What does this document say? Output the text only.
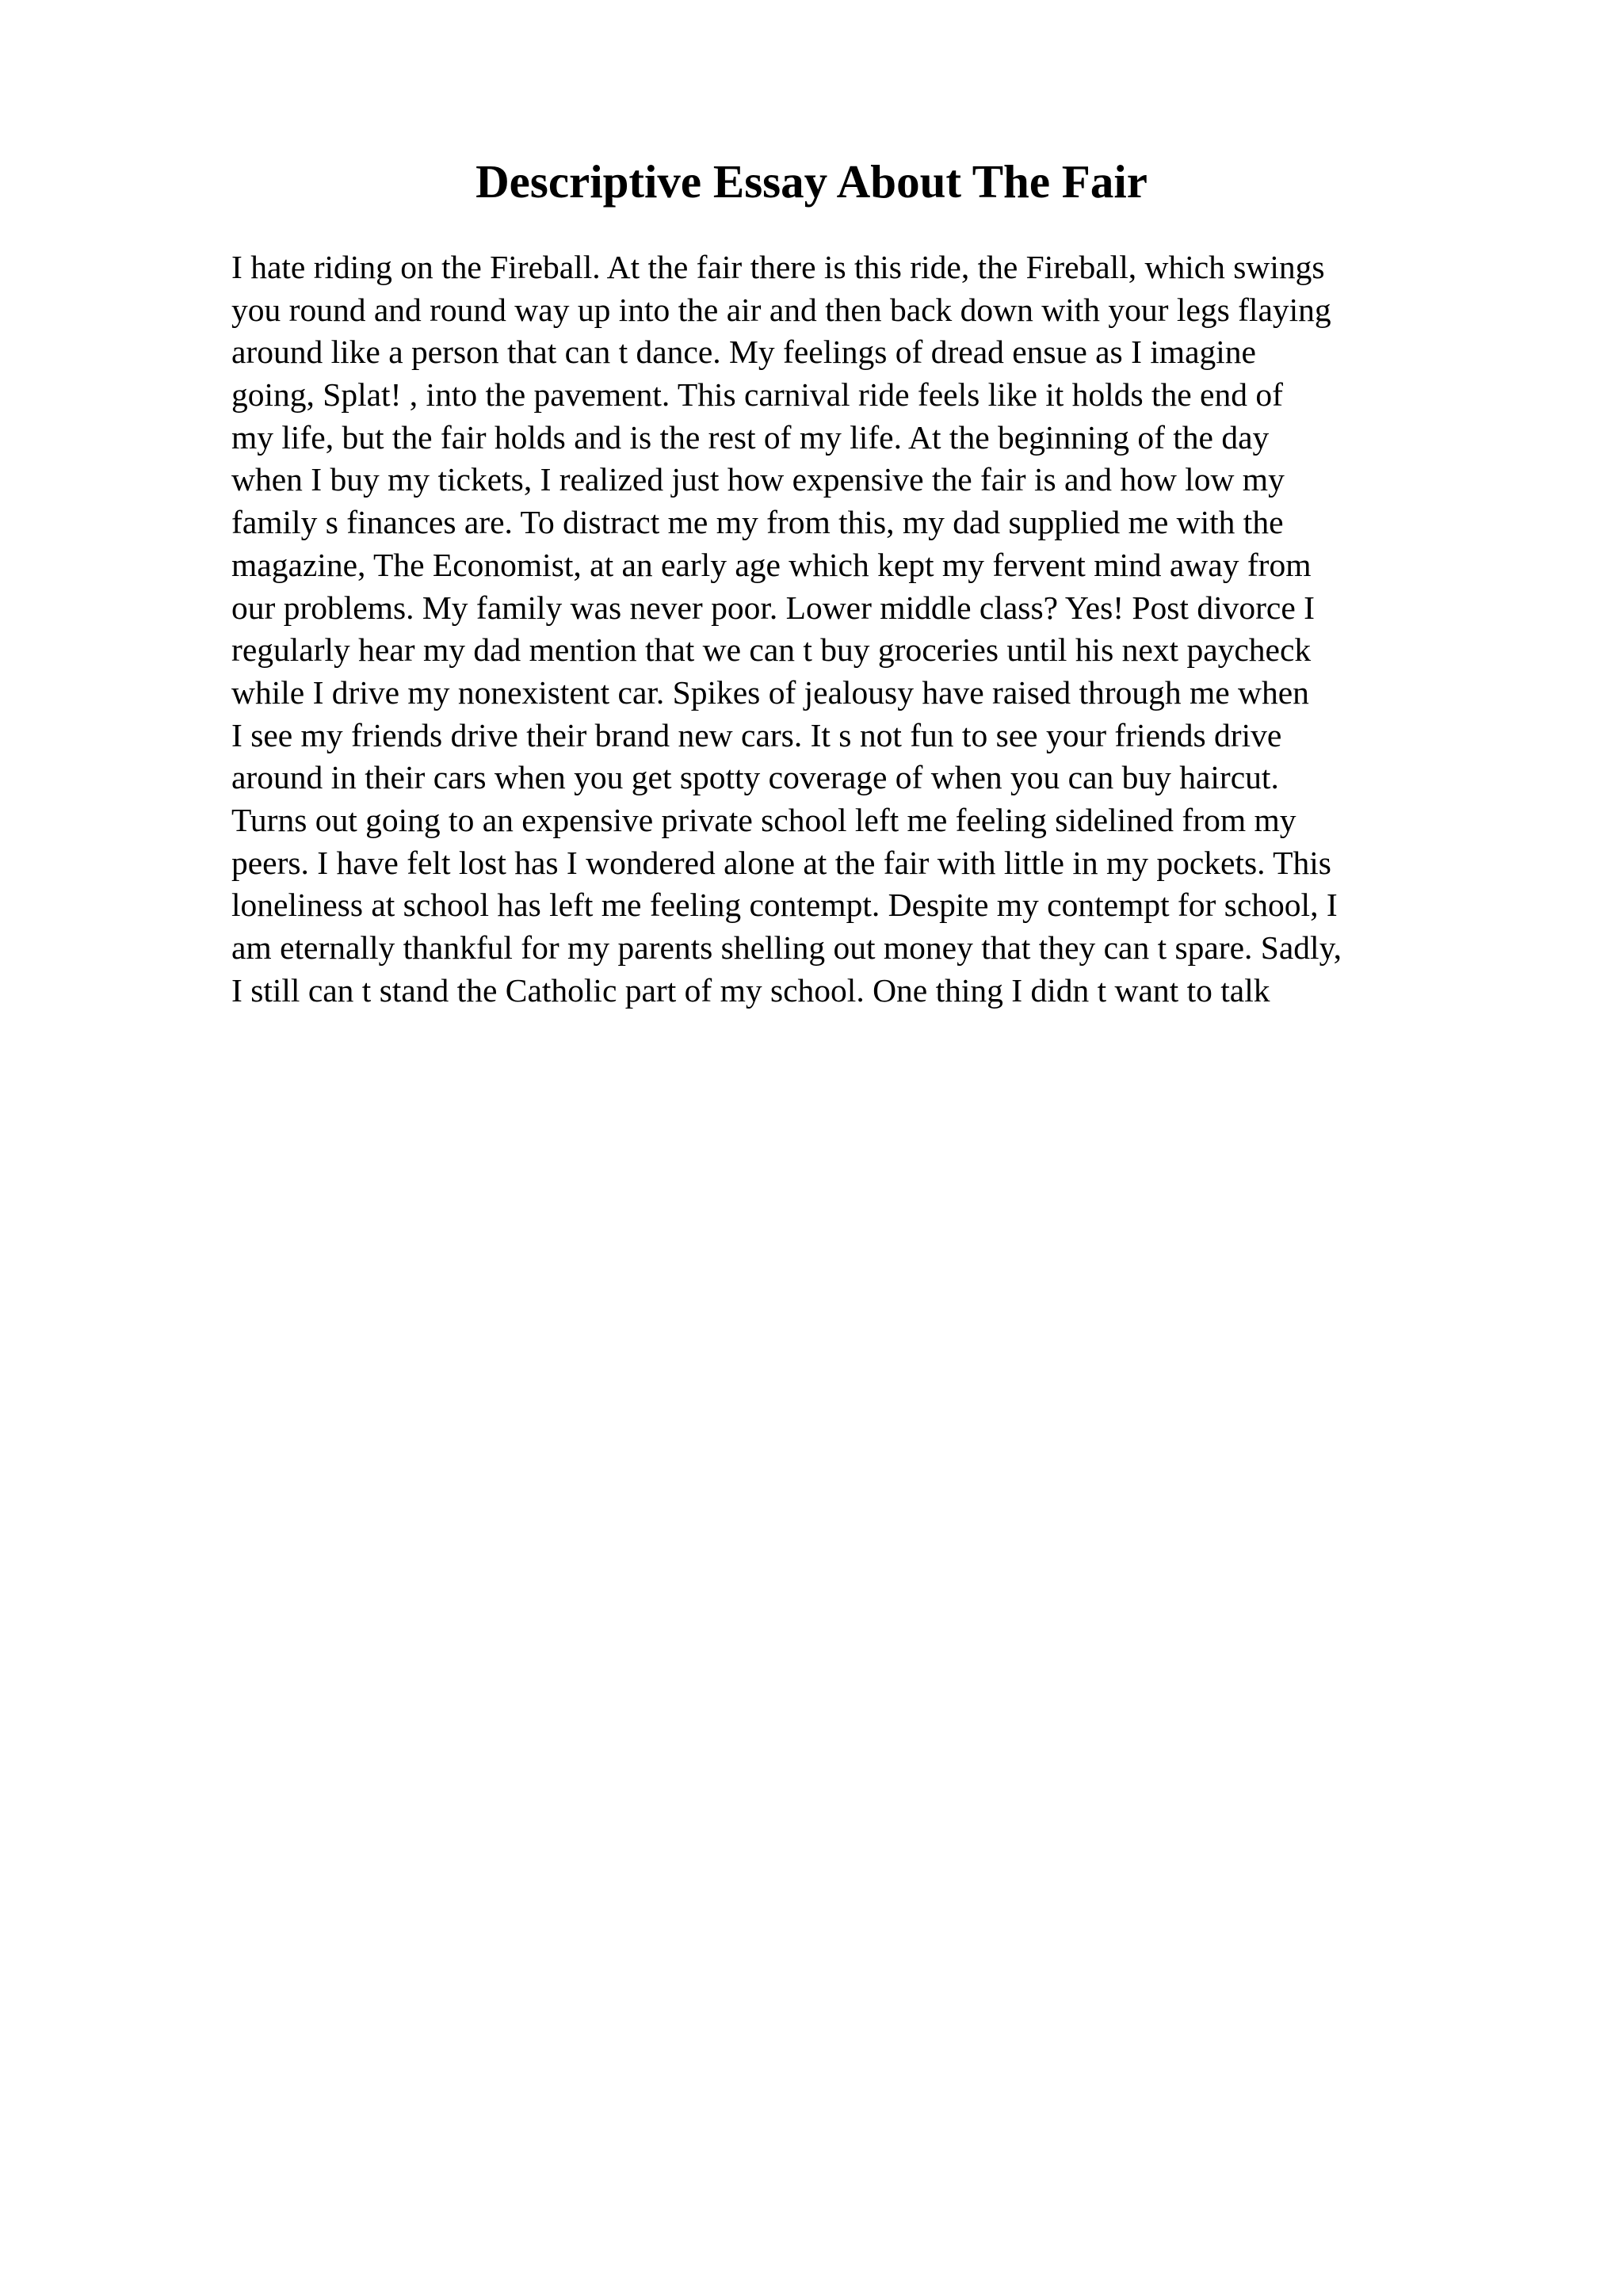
Descriptive Essay About The Fair
I hate riding on the Fireball. At the fair there is this ride, the Fireball, which swings
you round and round way up into the air and then back down with your legs flaying
around like a person that can t dance. My feelings of dread ensue as I imagine
going, Splat! , into the pavement. This carnival ride feels like it holds the end of
my life, but the fair holds and is the rest of my life. At the beginning of the day
when I buy my tickets, I realized just how expensive the fair is and how low my
family s finances are. To distract me my from this, my dad supplied me with the
magazine, The Economist, at an early age which kept my fervent mind away from
our problems. My family was never poor. Lower middle class? Yes! Post divorce I
regularly hear my dad mention that we can t buy groceries until his next paycheck
while I drive my nonexistent car. Spikes of jealousy have raised through me when
I see my friends drive their brand new cars. It s not fun to see your friends drive
around in their cars when you get spotty coverage of when you can buy haircut.
Turns out going to an expensive private school left me feeling sidelined from my
peers. I have felt lost has I wondered alone at the fair with little in my pockets. This
loneliness at school has left me feeling contempt. Despite my contempt for school, I
am eternally thankful for my parents shelling out money that they can t spare. Sadly,
I still can t stand the Catholic part of my school. One thing I didn t want to talk
